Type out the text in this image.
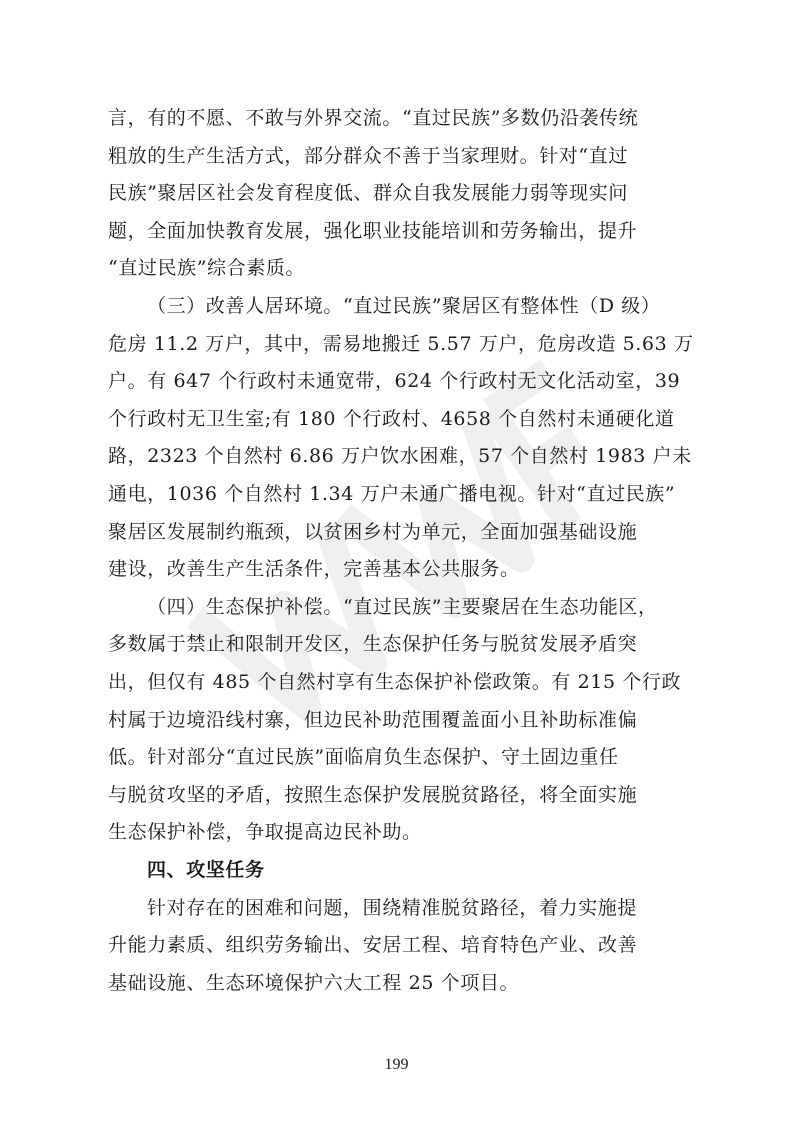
言，有的不愿、不敢与外界交流。“直过民族”多数仍沿袭传统
粗放的生产生活方式，部分群众不善于当家理财。针对“直过
民族”聚居区社会发育程度低、群众自我发展能力弱等现实问
题，全面加快教育发展，强化职业技能培训和劳务输出，提升
“直过民族”综合素质。
（三）改善人居环境。“直过民族”聚居区有整体性（D 级）
危房 11.2 万户，其中，需易地搬迁 5.57 万户，危房改造 5.63 万
户。有 647 个行政村未通宽带，624 个行政村无文化活动室，39
个行政村无卫生室;有 180 个行政村、4658 个自然村未通硬化道
路，2323 个自然村 6.86 万户饮水困难，57 个自然村 1983 户未
通电，1036 个自然村 1.34 万户未通广播电视。针对“直过民族”
聚居区发展制约瓶颈，以贫困乡村为单元，全面加强基础设施
建设，改善生产生活条件，完善基本公共服务。
（四）生态保护补偿。“直过民族”主要聚居在生态功能区，
多数属于禁止和限制开发区，生态保护任务与脱贫发展矛盾突
出，但仅有 485 个自然村享有生态保护补偿政策。有 215 个行政
村属于边境沿线村寨，但边民补助范围覆盖面小且补助标准偏
低。针对部分“直过民族”面临肩负生态保护、守土固边重任
与脱贫攻坚的矛盾，按照生态保护发展脱贫路径，将全面实施
生态保护补偿，争取提高边民补助。
四、攻坚任务
针对存在的困难和问题，围绕精准脱贫路径，着力实施提
升能力素质、组织劳务输出、安居工程、培育特色产业、改善
199
基础设施、生态环境保护六大工程 25 个项目。
